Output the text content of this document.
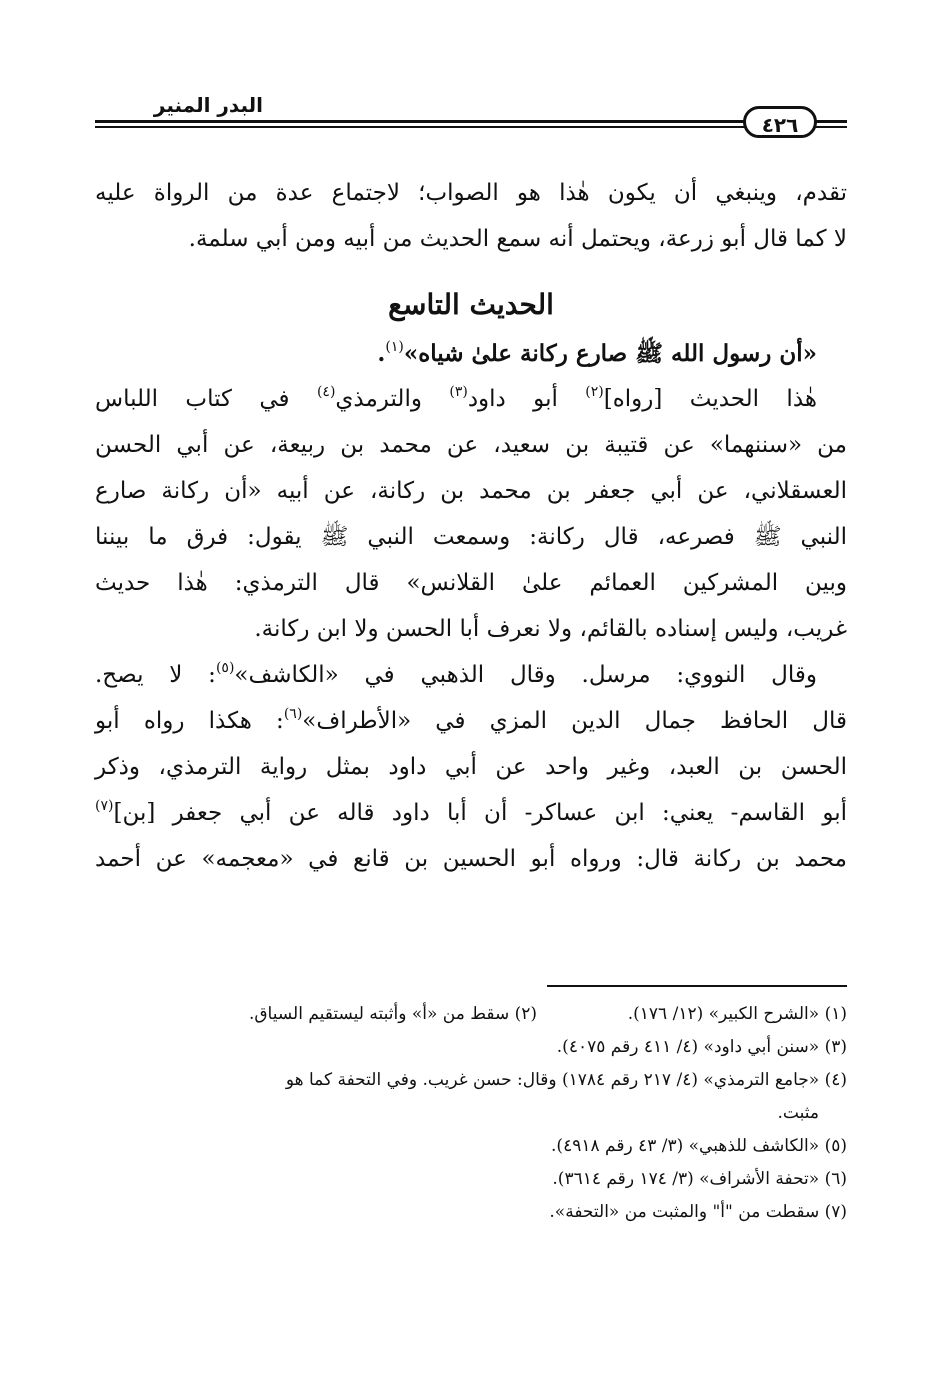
٤٢٦
البدر المنير
تقدم، وينبغي أن يكون هٰذا هو الصواب؛ لاجتماع عدة من الرواة عليه
لا كما قال أبو زرعة، ويحتمل أنه سمع الحديث من أبيه ومن أبي سلمة.
الحديث التاسع
«أن رسول الله ﷺ صارع ركانة علىٰ شياه»$^{(١)}$.
هٰذا الحديث [رواه]$^{(٢)}$ أبو داود$^{(٣)}$ والترمذي$^{(٤)}$ في كتاب اللباس
من «سننهما» عن قتيبة بن سعيد، عن محمد بن ربيعة، عن أبي الحسن
العسقلاني، عن أبي جعفر بن محمد بن ركانة، عن أبيه «أن ركانة صارع
النبي ﷺ فصرعه، قال ركانة: وسمعت النبي ﷺ يقول: فرق ما بيننا
وبين المشركين العمائم علىٰ القلانس» قال الترمذي: هٰذا حديث
غريب، وليس إسناده بالقائم، ولا نعرف أبا الحسن ولا ابن ركانة.
وقال النووي: مرسل. وقال الذهبي في «الكاشف»$^{(٥)}$: لا يصح.
قال الحافظ جمال الدين المزي في «الأطراف»$^{(٦)}$: هكذا رواه أبو
الحسن بن العبد، وغير واحد عن أبي داود بمثل رواية الترمذي، وذكر
أبو القاسم- يعني: ابن عساكر- أن أبا داود قاله عن أبي جعفر [بن]$^{(٧)}$
محمد بن ركانة قال: ورواه أبو الحسين بن قانع في «معجمه» عن أحمد
(١) «الشرح الكبير» (١٢/ ١٧٦).(٢) سقط من «أ» وأثبته ليستقيم السياق.
(٣) «سنن أبي داود» (٤/ ٤١١ رقم ٤٠٧٥).
(٤) «جامع الترمذي» (٤/ ٢١٧ رقم ١٧٨٤) وقال: حسن غريب. وفي التحفة كما هو
مثبت.
(٥) «الكاشف للذهبي» (٣/ ٤٣ رقم ٤٩١٨).
(٦) «تحفة الأشراف» (٣/ ١٧٤ رقم ٣٦١٤).
(٧) سقطت من "أ" والمثبت من «التحفة».
